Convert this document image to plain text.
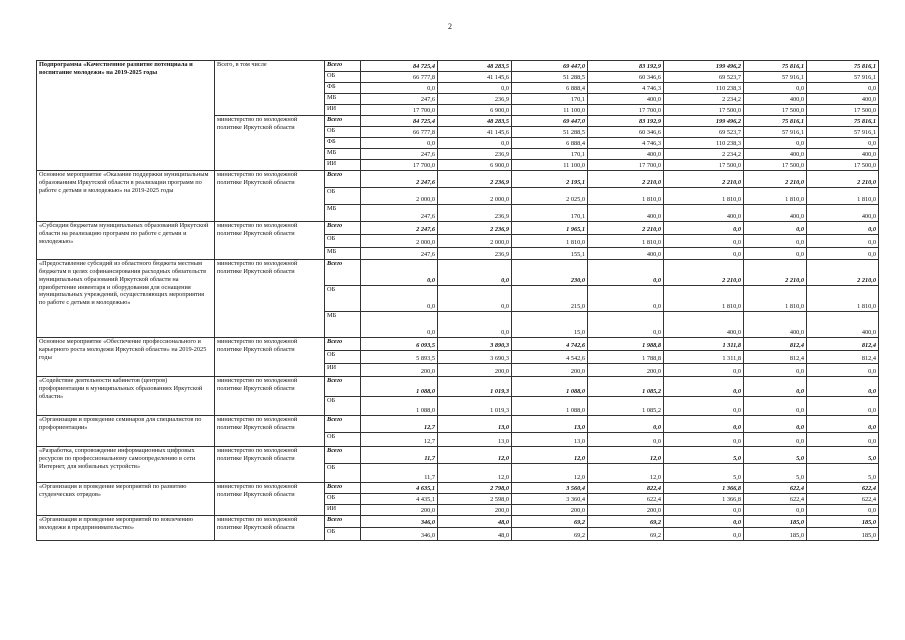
2
Подпрограмма «Качественное развитие потенциала и воспитание молодежи» на 2019-2025 годы	Всего, в том числе	Всего	84 725,4	48 283,5	69 447,0	83 192,9	199 496,2	75 816,1	75 816,1
		ОБ	66 777,8	41 145,6	51 288,5	60 346,6	69 523,7	57 916,1	57 916,1
		ФБ	0,0	0,0	6 888,4	4 746,3	110 238,3	0,0	0,0
		МБ	247,6	236,9	170,1	400,0	2 234,2	400,0	400,0
		ИИ	17 700,0	6 900,0	11 100,0	17 700,0	17 500,0	17 500,0	17 500,0
	министерство по молодежной политике Иркутской области	Всего	84 725,4	48 283,5	69 447,0	83 192,9	199 496,2	75 816,1	75 816,1
		ОБ	66 777,8	41 145,6	51 288,5	60 346,6	69 523,7	57 916,1	57 916,1
		ФБ	0,0	0,0	6 888,4	4 746,3	110 238,3	0,0	0,0
		МБ	247,6	236,9	170,1	400,0	2 234,2	400,0	400,0
		ИИ	17 700,0	6 900,0	11 100,0	17 700,0	17 500,0	17 500,0	17 500,0
Основное мероприятие «Оказание поддержки муниципальным образованиям Иркутской области в реализации программ по работе с детьми и молодежью» на 2019-2025 годы	министерство по молодежной политике Иркутской области	Всего	2 247,6	2 236,9	2 195,1	2 210,0	2 210,0	2 210,0	2 210,0
		ОБ	2 000,0	2 000,0	2 025,0	1 810,0	1 810,0	1 810,0	1 810,0
		МБ	247,6	236,9	170,1	400,0	400,0	400,0	400,0
«Субсидии бюджетам муниципальных образований Иркутской области на реализацию программ по работе с детьми и молодежью»	министерство по молодежной политике Иркутской области	Всего	2 247,6	2 236,9	1 965,1	2 210,0	0,0	0,0	0,0
		ОБ	2 000,0	2 000,0	1 810,0	1 810,0	0,0	0,0	0,0
		МБ	247,6	236,9	155,1	400,0	0,0	0,0	0,0
«Предоставление субсидий из областного бюджета местным бюджетам в целях софинансирования расходных обязательств муниципальных образований Иркутской области на приобретение инвентаря и оборудования для оснащения муниципальных учреждений, осуществляющих мероприятия по работе с детьми и молодежью»	министерство по молодежной политике Иркутской области	Всего	0,0	0,0	230,0	0,0	2 210,0	2 210,0	2 210,0
		ОБ	0,0	0,0	215,0	0,0	1 810,0	1 810,0	1 810,0
		МБ	0,0	0,0	15,0	0,0	400,0	400,0	400,0
Основное мероприятие «Обеспечение профессионального и карьерного роста молодежи Иркутской области» на 2019-2025 годы	министерство по молодежной политике Иркутской области	Всего	6 093,5	3 890,3	4 742,6	1 988,8	1 311,8	812,4	812,4
		ОБ	5 893,5	3 690,3	4 542,6	1 788,8	1 311,8	812,4	812,4
		ИИ	200,0	200,0	200,0	200,0	0,0	0,0	0,0
«Содействие деятельности кабинетов (центров) профориентации в муниципальных образованиях Иркутской области»	министерство по молодежной политике Иркутской области	Всего	1 088,0	1 019,3	1 088,0	1 085,2	0,0	0,0	0,0
		ОБ	1 088,0	1 019,3	1 088,0	1 085,2	0,0	0,0	0,0
«Организация и проведение семинаров для специалистов по профориентации»	министерство по молодежной политике Иркутской области	Всего	12,7	13,0	13,0	0,0	0,0	0,0	0,0
		ОБ	12,7	13,0	13,0	0,0	0,0	0,0	0,0
«Разработка, сопровождение информационных цифровых ресурсов по профессиональному самоопределению в сети Интернет, для мобильных устройств»	министерство по молодежной политике Иркутской области	Всего	11,7	12,0	12,0	12,0	5,0	5,0	5,0
		ОБ	11,7	12,0	12,0	12,0	5,0	5,0	5,0
«Организация и проведение мероприятий по развитию студенческих отрядов»	министерство по молодежной политике Иркутской области	Всего	4 635,1	2 798,0	3 560,4	822,4	1 366,8	622,4	622,4
		ОБ	4 435,1	2 598,0	3 360,4	622,4	1 366,8	622,4	622,4
		ИИ	200,0	200,0	200,0	200,0	0,0	0,0	0,0
«Организация и проведение мероприятий по вовлечению молодежи в предпринимательство»	министерство по молодежной политике Иркутской области	Всего	346,0	48,0	69,2	69,2	0,0	185,0	185,0
		ОБ	346,0	48,0	69,2	69,2	0,0	185,0	185,0
